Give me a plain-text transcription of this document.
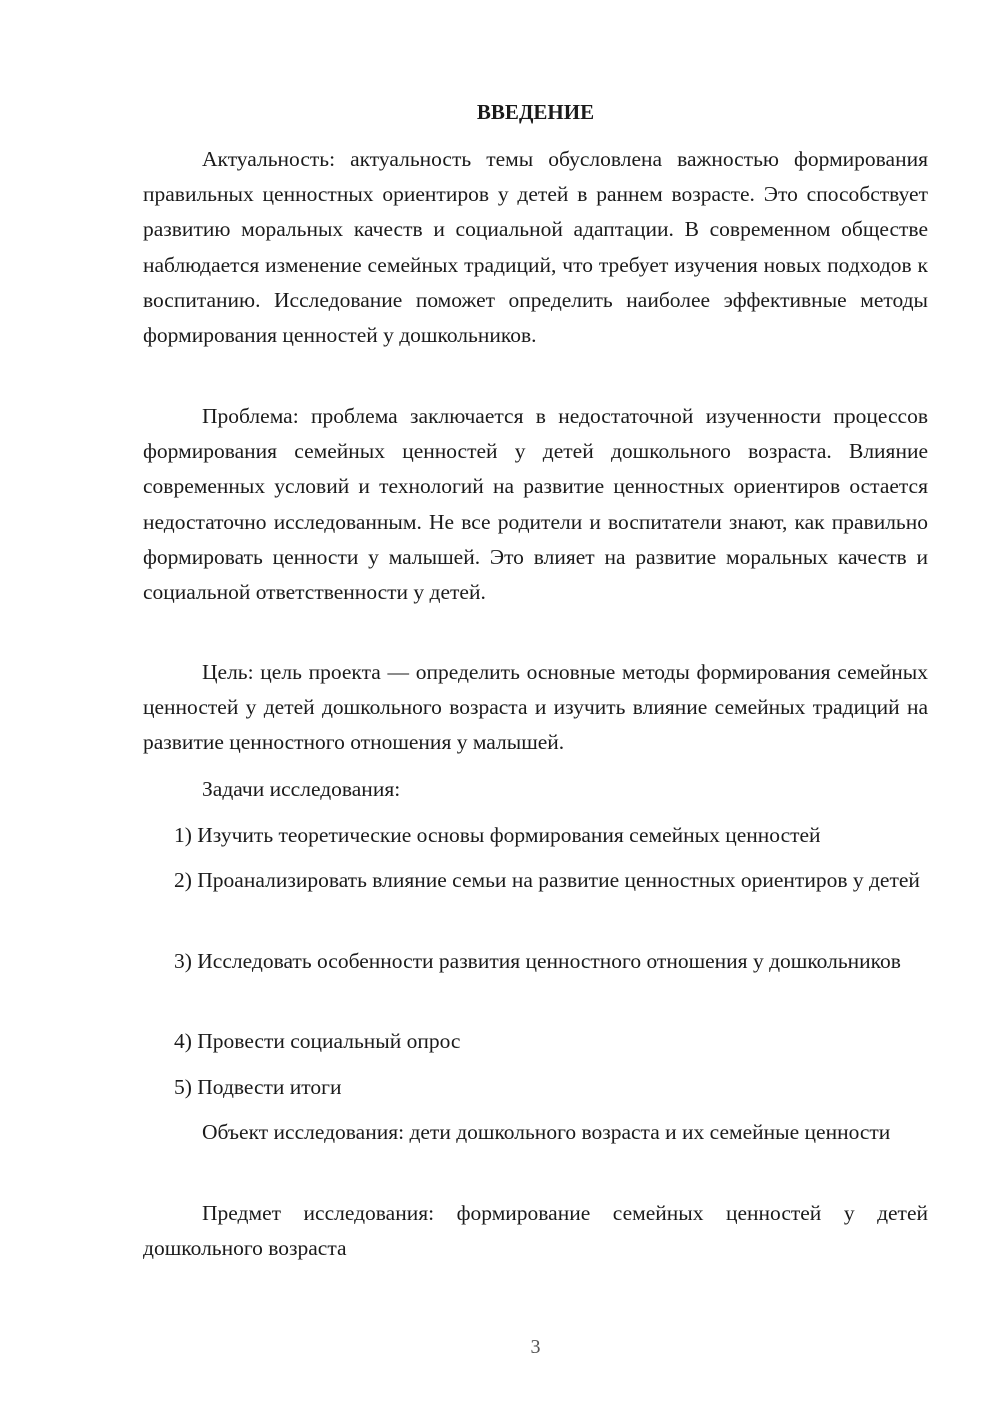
ВВЕДЕНИЕ

Актуальность: актуальность темы обусловлена важностью формирования правильных ценностных ориентиров у детей в раннем возрасте. Это способствует развитию моральных качеств и социальной адаптации. В современном обществе наблюдается изменение семейных традиций, что требует изучения новых подходов к воспитанию. Исследование поможет определить наиболее эффективные методы формирования ценностей у дошкольников.

Проблема: проблема заключается в недостаточной изученности процессов формирования семейных ценностей у детей дошкольного возраста. Влияние современных условий и технологий на развитие ценностных ориентиров остается недостаточно исследованным. Не все родители и воспитатели знают, как правильно формировать ценности у малышей. Это влияет на развитие моральных качеств и социальной ответственности у детей.

Цель: цель проекта — определить основные методы формирования семейных ценностей у детей дошкольного возраста и изучить влияние семейных традиций на развитие ценностного отношения у малышей.

Задачи исследования:

1) Изучить теоретические основы формирования семейных ценностей

2) Проанализировать влияние семьи на развитие ценностных ориентиров у детей

3) Исследовать особенности развития ценностного отношения у дошкольников

4) Провести социальный опрос

5) Подвести итоги

Объект исследования: дети дошкольного возраста и их семейные ценности

Предмет исследования: формирование семейных ценностей у детей дошкольного возраста

3
